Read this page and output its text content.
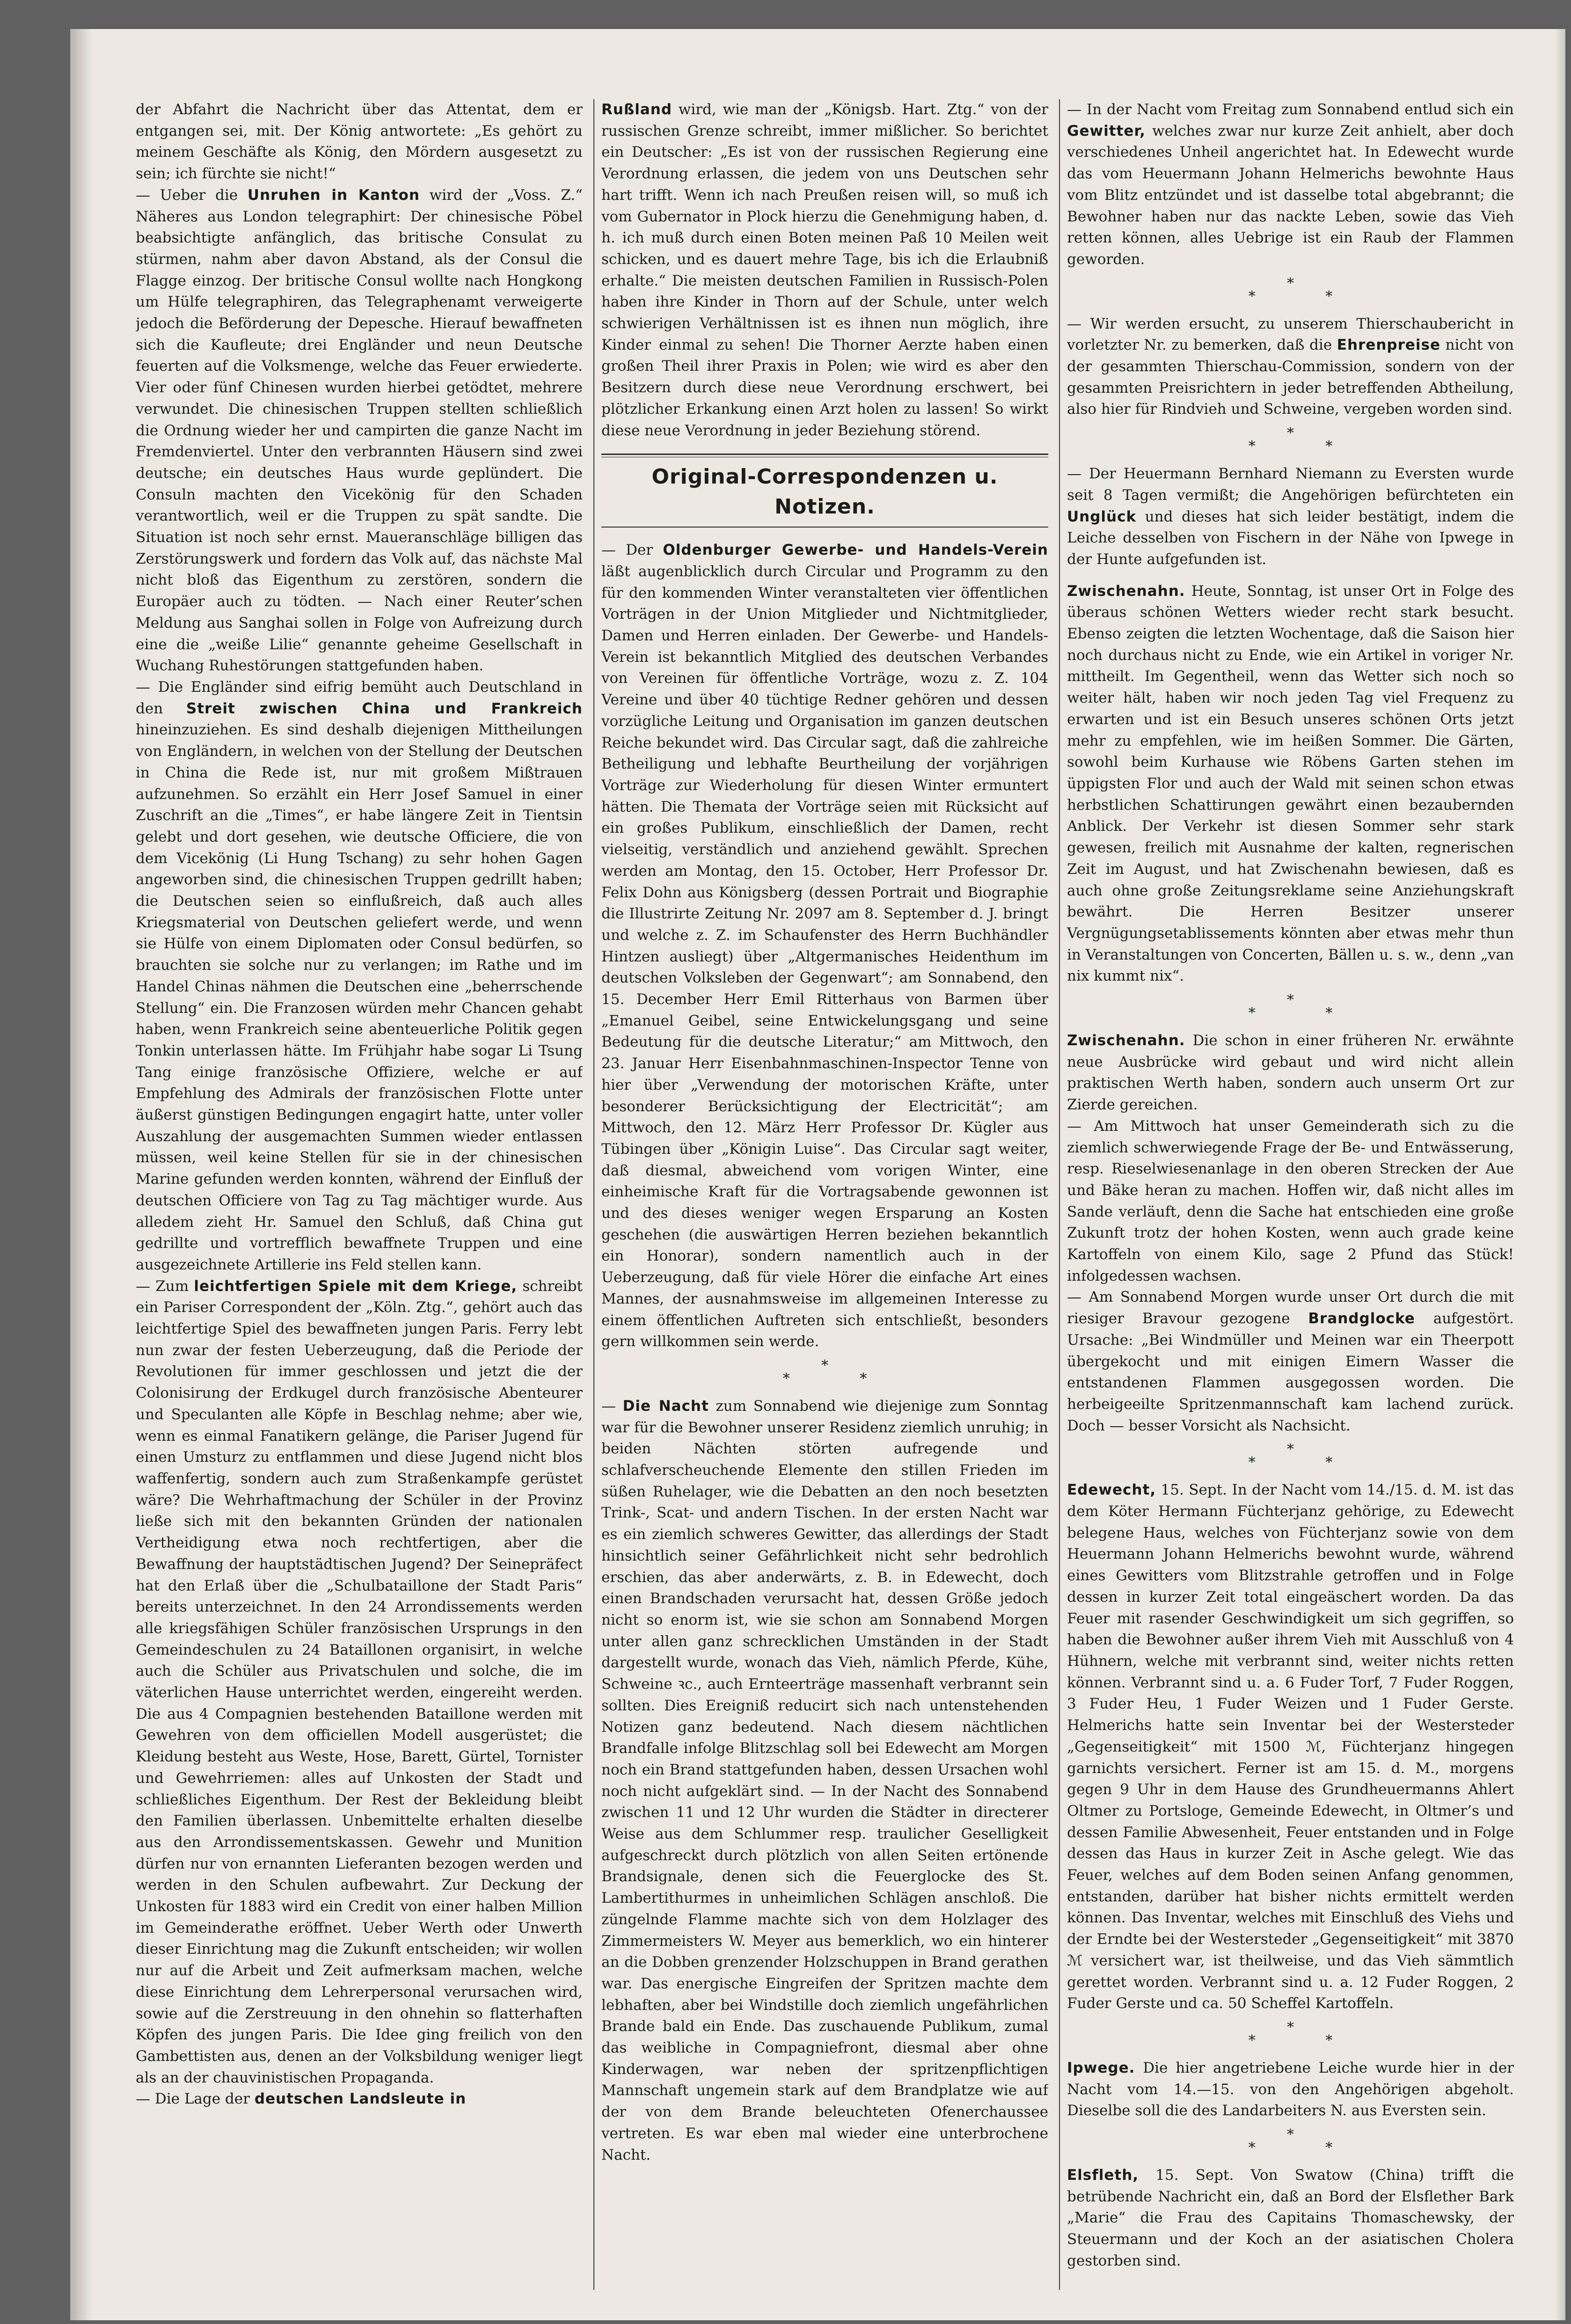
der Abfahrt die Nachricht über das Attentat, dem er entgangen sei, mit. Der König antwortete: „Es gehört zu meinem Geschäfte als König, den Mördern ausgesetzt zu sein; ich fürchte sie nicht!“

— Ueber die Unruhen in Kanton wird der „Voss. Z.“ Näheres aus London telegraphirt: Der chinesische Pöbel beabsichtigte anfänglich, das britische Consulat zu stürmen, nahm aber davon Abstand, als der Consul die Flagge einzog. Der britische Consul wollte nach Hongkong um Hülfe telegraphiren, das Telegraphenamt verweigerte jedoch die Beförderung der Depesche. Hierauf bewaffneten sich die Kaufleute; drei Engländer und neun Deutsche feuerten auf die Volksmenge, welche das Feuer erwiederte. Vier oder fünf Chinesen wurden hierbei getödtet, mehrere verwundet. Die chinesischen Truppen stellten schließlich die Ordnung wieder her und campirten die ganze Nacht im Fremdenviertel. Unter den verbrannten Häusern sind zwei deutsche; ein deutsches Haus wurde geplündert. Die Consuln machten den Vicekönig für den Schaden verantwortlich, weil er die Truppen zu spät sandte. Die Situation ist noch sehr ernst. Maueranschläge billigen das Zerstörungswerk und fordern das Volk auf, das nächste Mal nicht bloß das Eigenthum zu zerstören, sondern die Europäer auch zu tödten. — Nach einer Reuter’schen Meldung aus Sanghai sollen in Folge von Aufreizung durch eine die „weiße Lilie“ genannte geheime Gesellschaft in Wuchang Ruhestörungen stattgefunden haben.

— Die Engländer sind eifrig bemüht auch Deutschland in den Streit zwischen China und Frankreich hineinzuziehen. Es sind deshalb diejenigen Mittheilungen von Engländern, in welchen von der Stellung der Deutschen in China die Rede ist, nur mit großem Mißtrauen aufzunehmen. So erzählt ein Herr Josef Samuel in einer Zuschrift an die „Times“, er habe längere Zeit in Tientsin gelebt und dort gesehen, wie deutsche Officiere, die von dem Vicekönig (Li Hung Tschang) zu sehr hohen Gagen angeworben sind, die chinesischen Truppen gedrillt haben; die Deutschen seien so einflußreich, daß auch alles Kriegsmaterial von Deutschen geliefert werde, und wenn sie Hülfe von einem Diplomaten oder Consul bedürfen, so brauchten sie solche nur zu verlangen; im Rathe und im Handel Chinas nähmen die Deutschen eine „beherrschende Stellung“ ein. Die Franzosen würden mehr Chancen gehabt haben, wenn Frankreich seine abenteuerliche Politik gegen Tonkin unterlassen hätte. Im Frühjahr habe sogar Li Tsung Tang einige französische Offiziere, welche er auf Empfehlung des Admirals der französischen Flotte unter äußerst günstigen Bedingungen engagirt hatte, unter voller Auszahlung der ausgemachten Summen wieder entlassen müssen, weil keine Stellen für sie in der chinesischen Marine gefunden werden konnten, während der Einfluß der deutschen Officiere von Tag zu Tag mächtiger wurde. Aus alledem zieht Hr. Samuel den Schluß, daß China gut gedrillte und vortrefflich bewaffnete Truppen und eine ausgezeichnete Artillerie ins Feld stellen kann.

— Zum leichtfertigen Spiele mit dem Kriege, schreibt ein Pariser Correspondent der „Köln. Ztg.“, gehört auch das leichtfertige Spiel des bewaffneten jungen Paris. Ferry lebt nun zwar der festen Ueberzeugung, daß die Periode der Revolutionen für immer geschlossen und jetzt die der Colonisirung der Erdkugel durch französische Abenteurer und Speculanten alle Köpfe in Beschlag nehme; aber wie, wenn es einmal Fanatikern gelänge, die Pariser Jugend für einen Umsturz zu entflammen und diese Jugend nicht blos waffenfertig, sondern auch zum Straßenkampfe gerüstet wäre? Die Wehrhaftmachung der Schüler in der Provinz ließe sich mit den bekannten Gründen der nationalen Vertheidigung etwa noch rechtfertigen, aber die Bewaffnung der hauptstädtischen Jugend? Der Seinepräfect hat den Erlaß über die „Schulbataillone der Stadt Paris“ bereits unterzeichnet. In den 24 Arrondissements werden alle kriegsfähigen Schüler französischen Ursprungs in den Gemeindeschulen zu 24 Bataillonen organisirt, in welche auch die Schüler aus Privatschulen und solche, die im väterlichen Hause unterrichtet werden, eingereiht werden. Die aus 4 Compagnien bestehenden Bataillone werden mit Gewehren von dem officiellen Modell ausgerüstet; die Kleidung besteht aus Weste, Hose, Barett, Gürtel, Tornister und Gewehrriemen: alles auf Unkosten der Stadt und schließliches Eigenthum. Der Rest der Bekleidung bleibt den Familien überlassen. Unbemittelte erhalten dieselbe aus den Arrondissementskassen. Gewehr und Munition dürfen nur von ernannten Lieferanten bezogen werden und werden in den Schulen aufbewahrt. Zur Deckung der Unkosten für 1883 wird ein Credit von einer halben Million im Gemeinderathe eröffnet. Ueber Werth oder Unwerth dieser Einrichtung mag die Zukunft entscheiden; wir wollen nur auf die Arbeit und Zeit aufmerksam machen, welche diese Einrichtung dem Lehrerpersonal verursachen wird, sowie auf die Zerstreuung in den ohnehin so flatterhaften Köpfen des jungen Paris. Die Idee ging freilich von den Gambettisten aus, denen an der Volksbildung weniger liegt als an der chauvinistischen Propaganda.

— Die Lage der deutschen Landsleute in

Rußland wird, wie man der „Königsb. Hart. Ztg.“ von der russischen Grenze schreibt, immer mißlicher. So berichtet ein Deutscher: „Es ist von der russischen Regierung eine Verordnung erlassen, die jedem von uns Deutschen sehr hart trifft. Wenn ich nach Preußen reisen will, so muß ich vom Gubernator in Plock hierzu die Genehmigung haben, d. h. ich muß durch einen Boten meinen Paß 10 Meilen weit schicken, und es dauert mehre Tage, bis ich die Erlaubniß erhalte.“ Die meisten deutschen Familien in Russisch-Polen haben ihre Kinder in Thorn auf der Schule, unter welch schwierigen Verhältnissen ist es ihnen nun möglich, ihre Kinder einmal zu sehen! Die Thorner Aerzte haben einen großen Theil ihrer Praxis in Polen; wie wird es aber den Besitzern durch diese neue Verordnung erschwert, bei plötzlicher Erkankung einen Arzt holen zu lassen! So wirkt diese neue Verordnung in jeder Beziehung störend.

Original-Correspondenzen u. Notizen.

— Der Oldenburger Gewerbe- und Handels-Verein läßt augenblicklich durch Circular und Programm zu den für den kommenden Winter veranstalteten vier öffentlichen Vorträgen in der Union Mitglieder und Nichtmitglieder, Damen und Herren einladen. Der Gewerbe- und Handels-Verein ist bekanntlich Mitglied des deutschen Verbandes von Vereinen für öffentliche Vorträge, wozu z. Z. 104 Vereine und über 40 tüchtige Redner gehören und dessen vorzügliche Leitung und Organisation im ganzen deutschen Reiche bekundet wird. Das Circular sagt, daß die zahlreiche Betheiligung und lebhafte Beurtheilung der vorjährigen Vorträge zur Wiederholung für diesen Winter ermuntert hätten. Die Themata der Vorträge seien mit Rücksicht auf ein großes Publikum, einschließlich der Damen, recht vielseitig, verständlich und anziehend gewählt. Sprechen werden am Montag, den 15. October, Herr Professor Dr. Felix Dohn aus Königsberg (dessen Portrait und Biographie die Illustrirte Zeitung Nr. 2097 am 8. September d. J. bringt und welche z. Z. im Schaufenster des Herrn Buchhändler Hintzen ausliegt) über „Altgermanisches Heidenthum im deutschen Volksleben der Gegenwart“; am Sonnabend, den 15. December Herr Emil Ritterhaus von Barmen über „Emanuel Geibel, seine Entwickelungsgang und seine Bedeutung für die deutsche Literatur;“ am Mittwoch, den 23. Januar Herr Eisenbahnmaschinen-Inspector Tenne von hier über „Verwendung der motorischen Kräfte, unter besonderer Berücksichtigung der Electricität“; am Mittwoch, den 12. März Herr Professor Dr. Kügler aus Tübingen über „Königin Luise“. Das Circular sagt weiter, daß diesmal, abweichend vom vorigen Winter, eine einheimische Kraft für die Vortragsabende gewonnen ist und des dieses weniger wegen Ersparung an Kosten geschehen (die auswärtigen Herren beziehen bekanntlich ein Honorar), sondern namentlich auch in der Ueberzeugung, daß für viele Hörer die einfache Art eines Mannes, der ausnahmsweise im allgemeinen Interesse zu einem öffentlichen Auftreten sich entschließt, besonders gern willkommen sein werde.

*
* *

— Die Nacht zum Sonnabend wie diejenige zum Sonntag war für die Bewohner unserer Residenz ziemlich unruhig; in beiden Nächten störten aufregende und schlafverscheuchende Elemente den stillen Frieden im süßen Ruhelager, wie die Debatten an den noch besetzten Trink-, Scat- und andern Tischen. In der ersten Nacht war es ein ziemlich schweres Gewitter, das allerdings der Stadt hinsichtlich seiner Gefährlichkeit nicht sehr bedrohlich erschien, das aber anderwärts, z. B. in Edewecht, doch einen Brandschaden verursacht hat, dessen Größe jedoch nicht so enorm ist, wie sie schon am Sonnabend Morgen unter allen ganz schrecklichen Umständen in der Stadt dargestellt wurde, wonach das Vieh, nämlich Pferde, Kühe, Schweine ꝛc., auch Ernteerträge massenhaft verbrannt sein sollten. Dies Ereigniß reducirt sich nach untenstehenden Notizen ganz bedeutend. Nach diesem nächtlichen Brandfalle infolge Blitzschlag soll bei Edewecht am Morgen noch ein Brand stattgefunden haben, dessen Ursachen wohl noch nicht aufgeklärt sind. — In der Nacht des Sonnabend zwischen 11 und 12 Uhr wurden die Städter in directerer Weise aus dem Schlummer resp. traulicher Geselligkeit aufgeschreckt durch plötzlich von allen Seiten ertönende Brandsignale, denen sich die Feuerglocke des St. Lambertithurmes in unheimlichen Schlägen anschloß. Die züngelnde Flamme machte sich von dem Holzlager des Zimmermeisters W. Meyer aus bemerklich, wo ein hinterer an die Dobben grenzender Holzschuppen in Brand gerathen war. Das energische Eingreifen der Spritzen machte dem lebhaften, aber bei Windstille doch ziemlich ungefährlichen Brande bald ein Ende. Das zuschauende Publikum, zumal das weibliche in Compagniefront, diesmal aber ohne Kinderwagen, war neben der spritzenpflichtigen Mannschaft ungemein stark auf dem Brandplatze wie auf der von dem Brande beleuchteten Ofenerchaussee vertreten. Es war eben mal wieder eine unterbrochene Nacht.

— In der Nacht vom Freitag zum Sonnabend entlud sich ein Gewitter, welches zwar nur kurze Zeit anhielt, aber doch verschiedenes Unheil angerichtet hat. In Edewecht wurde das vom Heuermann Johann Helmerichs bewohnte Haus vom Blitz entzündet und ist dasselbe total abgebrannt; die Bewohner haben nur das nackte Leben, sowie das Vieh retten können, alles Uebrige ist ein Raub der Flammen geworden.

*
* *

— Wir werden ersucht, zu unserem Thierschaubericht in vorletzter Nr. zu bemerken, daß die Ehrenpreise nicht von der gesammten Thierschau-Commission, sondern von der gesammten Preisrichtern in jeder betreffenden Abtheilung, also hier für Rindvieh und Schweine, vergeben worden sind.

*
* *

— Der Heuermann Bernhard Niemann zu Eversten wurde seit 8 Tagen vermißt; die Angehörigen befürchteten ein Unglück und dieses hat sich leider bestätigt, indem die Leiche desselben von Fischern in der Nähe von Ipwege in der Hunte aufgefunden ist.

Zwischenahn. Heute, Sonntag, ist unser Ort in Folge des überaus schönen Wetters wieder recht stark besucht. Ebenso zeigten die letzten Wochentage, daß die Saison hier noch durchaus nicht zu Ende, wie ein Artikel in voriger Nr. mittheilt. Im Gegentheil, wenn das Wetter sich noch so weiter hält, haben wir noch jeden Tag viel Frequenz zu erwarten und ist ein Besuch unseres schönen Orts jetzt mehr zu empfehlen, wie im heißen Sommer. Die Gärten, sowohl beim Kurhause wie Röbens Garten stehen im üppigsten Flor und auch der Wald mit seinen schon etwas herbstlichen Schattirungen gewährt einen bezaubernden Anblick. Der Verkehr ist diesen Sommer sehr stark gewesen, freilich mit Ausnahme der kalten, regnerischen Zeit im August, und hat Zwischenahn bewiesen, daß es auch ohne große Zeitungsreklame seine Anziehungskraft bewährt. Die Herren Besitzer unserer Vergnügungsetablissements könnten aber etwas mehr thun in Veranstaltungen von Concerten, Bällen u. s. w., denn „van nix kummt nix“.

*
* *

Zwischenahn. Die schon in einer früheren Nr. erwähnte neue Ausbrücke wird gebaut und wird nicht allein praktischen Werth haben, sondern auch unserm Ort zur Zierde gereichen.

— Am Mittwoch hat unser Gemeinderath sich zu die ziemlich schwerwiegende Frage der Be- und Entwässerung, resp. Rieselwiesenanlage in den oberen Strecken der Aue und Bäke heran zu machen. Hoffen wir, daß nicht alles im Sande verläuft, denn die Sache hat entschieden eine große Zukunft trotz der hohen Kosten, wenn auch grade keine Kartoffeln von einem Kilo, sage 2 Pfund das Stück! infolgedessen wachsen.

— Am Sonnabend Morgen wurde unser Ort durch die mit riesiger Bravour gezogene Brandglocke aufgestört. Ursache: „Bei Windmüller und Meinen war ein Theerpott übergekocht und mit einigen Eimern Wasser die entstandenen Flammen ausgegossen worden. Die herbeigeeilte Spritzenmannschaft kam lachend zurück. Doch — besser Vorsicht als Nachsicht.

*
* *

Edewecht, 15. Sept. In der Nacht vom 14./15. d. M. ist das dem Köter Hermann Füchterjanz gehörige, zu Edewecht belegene Haus, welches von Füchterjanz sowie von dem Heuermann Johann Helmerichs bewohnt wurde, während eines Gewitters vom Blitzstrahle getroffen und in Folge dessen in kurzer Zeit total eingeäschert worden. Da das Feuer mit rasender Geschwindigkeit um sich gegriffen, so haben die Bewohner außer ihrem Vieh mit Ausschluß von 4 Hühnern, welche mit verbrannt sind, weiter nichts retten können. Verbrannt sind u. a. 6 Fuder Torf, 7 Fuder Roggen, 3 Fuder Heu, 1 Fuder Weizen und 1 Fuder Gerste. Helmerichs hatte sein Inventar bei der Westersteder „Gegenseitigkeit“ mit 1500 ℳ, Füchterjanz hingegen garnichts versichert. Ferner ist am 15. d. M., morgens gegen 9 Uhr in dem Hause des Grundheuermanns Ahlert Oltmer zu Portsloge, Gemeinde Edewecht, in Oltmer’s und dessen Familie Abwesenheit, Feuer entstanden und in Folge dessen das Haus in kurzer Zeit in Asche gelegt. Wie das Feuer, welches auf dem Boden seinen Anfang genommen, entstanden, darüber hat bisher nichts ermittelt werden können. Das Inventar, welches mit Einschluß des Viehs und der Erndte bei der Westersteder „Gegenseitigkeit“ mit 3870 ℳ versichert war, ist theilweise, und das Vieh sämmtlich gerettet worden. Verbrannt sind u. a. 12 Fuder Roggen, 2 Fuder Gerste und ca. 50 Scheffel Kartoffeln.

*
* *

Ipwege. Die hier angetriebene Leiche wurde hier in der Nacht vom 14.—15. von den Angehörigen abgeholt. Dieselbe soll die des Landarbeiters N. aus Eversten sein.

*
* *

Elsfleth, 15. Sept. Von Swatow (China) trifft die betrübende Nachricht ein, daß an Bord der Elsflether Bark „Marie“ die Frau des Capitains Thomaschewsky, der Steuermann und der Koch an der asiatischen Cholera gestorben sind.
